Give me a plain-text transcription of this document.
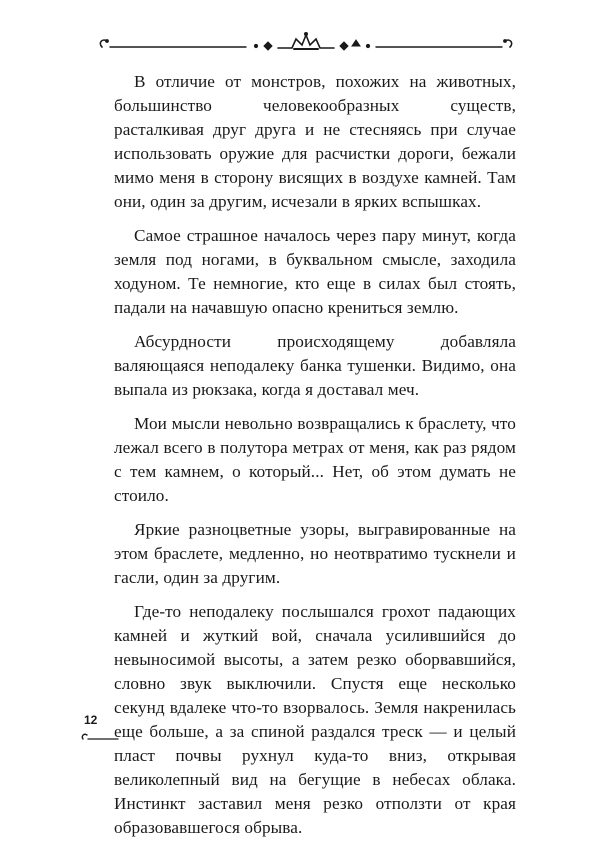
В отличие от монстров, похожих на животных, большинство человекообразных существ, расталкивая друг друга и не стесняясь при случае использовать оружие для расчистки дороги, бежали мимо меня в сторону висящих в воздухе камней. Там они, один за другим, исчезали в ярких вспышках.

Самое страшное началось через пару минут, когда земля под ногами, в буквальном смысле, заходила ходуном. Те немногие, кто еще в силах был стоять, падали на начавшую опасно крениться землю.

Абсурдности происходящему добавляла валяющаяся неподалеку банка тушенки. Видимо, она выпала из рюкзака, когда я доставал меч.

Мои мысли невольно возвращались к браслету, что лежал всего в полутора метрах от меня, как раз рядом с тем камнем, о который... Нет, об этом думать не стоило.

Яркие разноцветные узоры, выгравированные на этом браслете, медленно, но неотвратимо тускнели и гасли, один за другим.

Где-то неподалеку послышался грохот падающих камней и жуткий вой, сначала усилившийся до невыносимой высоты, а затем резко оборвавшийся, словно звук выключили. Спустя еще несколько секунд вдалеке что-то взорвалось. Земля накренилась еще больше, а за спиной раздался треск — и целый пласт почвы рухнул куда-то вниз, открывая великолепный вид на бегущие в небесах облака. Инстинкт заставил меня резко отползти от края образовавшегося обрыва.

12
